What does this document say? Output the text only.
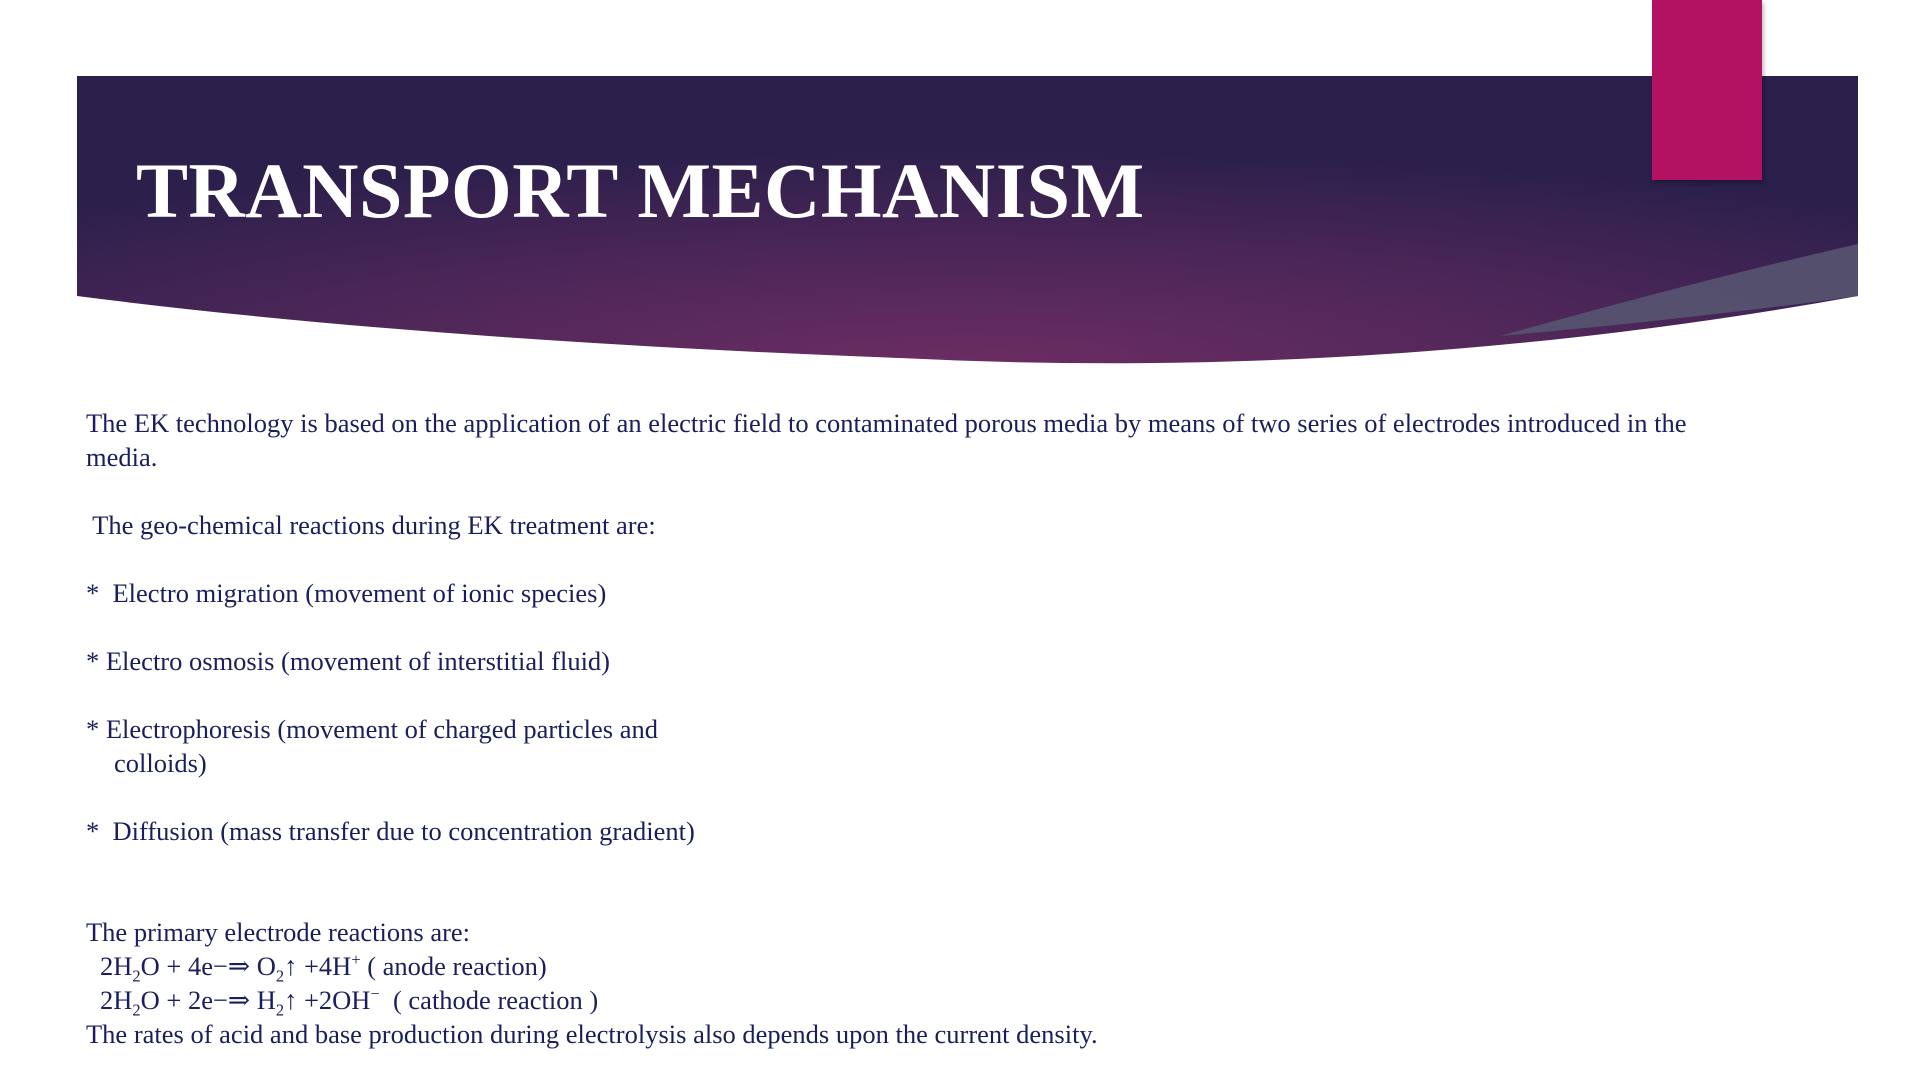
TRANSPORT MECHANISM

The EK technology is based on the application of an electric field to contaminated porous media by means of two series of electrodes introduced in the

media.

The geo-chemical reactions during EK treatment are:

*  Electro migration (movement of ionic species)

* Electro osmosis (movement of interstitial fluid)

* Electrophoresis (movement of charged particles and

colloids)

*  Diffusion (mass transfer due to concentration gradient)

The primary electrode reactions are:

$2H_2O$ + 4e−⇒ $O_2↑ +4H^+$ ( anode reaction)

$2H_2O$ + 2e−⇒ $H_2↑ +2OH^-$  ( cathode reaction )

The rates of acid and base production during electrolysis also depends upon the current density.
